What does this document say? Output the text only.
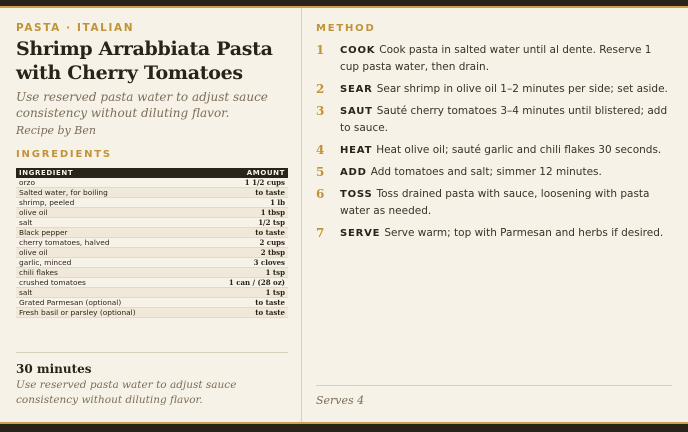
PASTA · ITALIAN
Shrimp Arrabbiata Pasta with Cherry Tomatoes

Use reserved pasta water to adjust sauce consistency without diluting flavor.

Recipe by Ben

INGREDIENTS
INGREDIENT	AMOUNT
orzo	1 1/2 cups
Salted water, for boiling	to taste
shrimp, peeled	1 lb
olive oil	1 tbsp
salt	1/2 tsp
Black pepper	to taste
cherry tomatoes, halved	2 cups
olive oil	2 tbsp
garlic, minced	3 cloves
chili flakes	1 tsp
crushed tomatoes	1 can / (28 oz)
salt	1 tsp
Grated Parmesan (optional)	to taste
Fresh basil or parsley (optional)	to taste
30 minutes

Use reserved pasta water to adjust sauce consistency without diluting flavor.

METHOD
1	COOK Cook pasta in salted water until al dente. Reserve 1 cup pasta water, then drain.
2	SEAR Sear shrimp in olive oil 1–2 minutes per side; set aside.
3	SAUT Sauté cherry tomatoes 3–4 minutes until blistered; add to sauce.
4	HEAT Heat olive oil; sauté garlic and chili flakes 30 seconds.
5	ADD Add tomatoes and salt; simmer 12 minutes.
6	TOSS Toss drained pasta with sauce, loosening with pasta water as needed.
7	SERVE Serve warm; top with Parmesan and herbs if desired.
Serves 4
